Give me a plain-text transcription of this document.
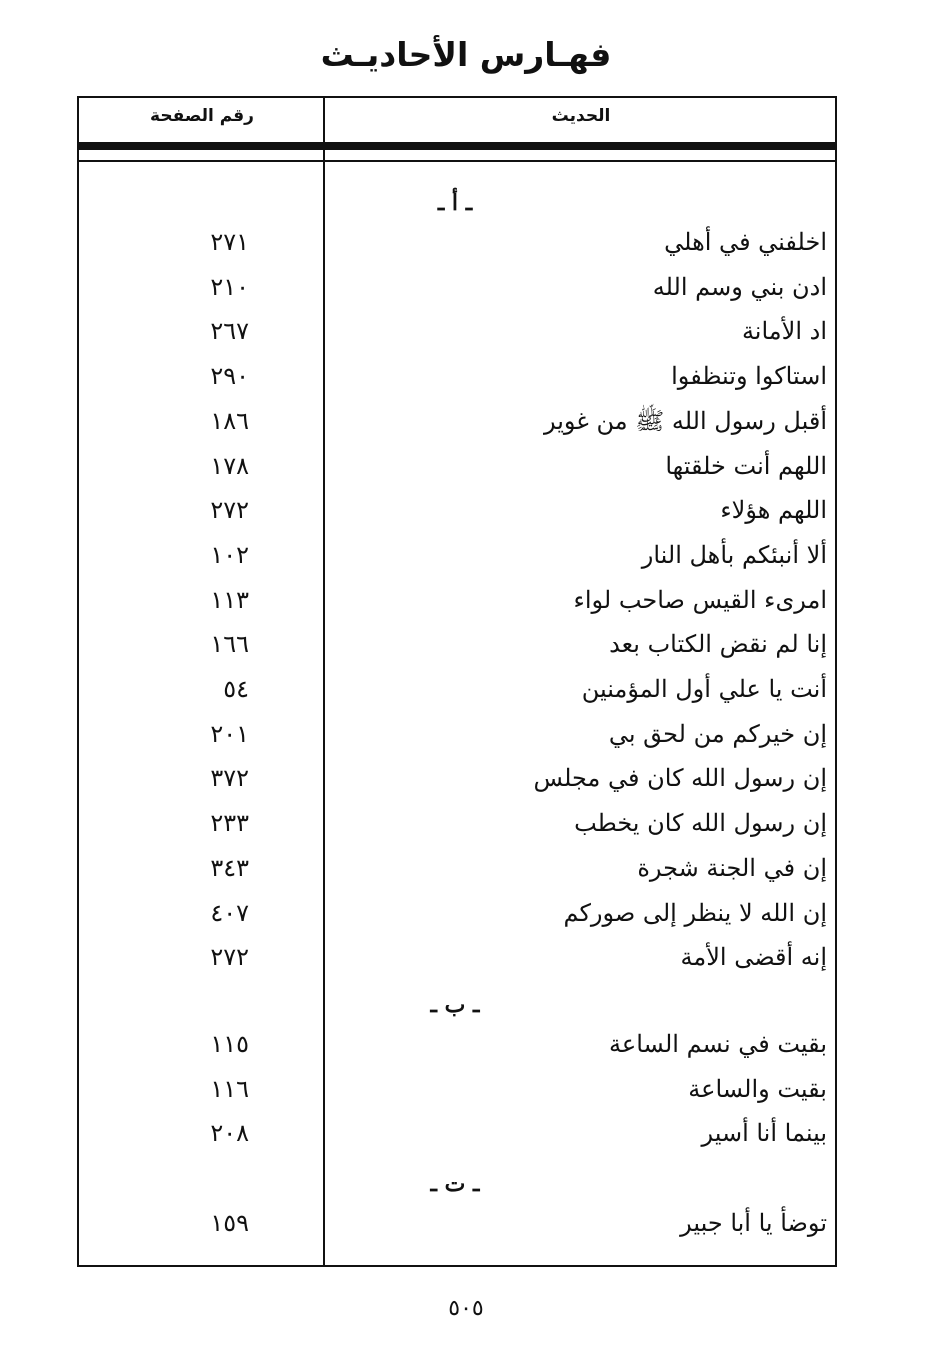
فهـارس الأحاديـث
الحديث
رقم الصفحة
ـ أ ـ
اخلفني في أهلي
٢٧١
ادن بني وسم الله
٢١٠
اد الأمانة
٢٦٧
استاكوا وتنظفوا
٢٩٠
أقبل رسول الله ﷺ من غوير
١٨٦
اللهم أنت خلقتها
١٧٨
اللهم هؤلاء
٢٧٢
ألا أنبئكم بأهل النار
١٠٢
امرىء القيس صاحب لواء
١١٣
إنا لم نقض الكتاب بعد
١٦٦
أنت يا علي أول المؤمنين
٥٤
إن خيركم من لحق بي
٢٠١
إن رسول الله كان في مجلس
٣٧٢
إن رسول الله كان يخطب
٢٣٣
إن في الجنة شجرة
٣٤٣
إن الله لا ينظر إلى صوركم
٤٠٧
إنه أقضى الأمة
٢٧٢
ـ ب ـ
بقيت في نسم الساعة
١١٥
بقيت والساعة
١١٦
بينما أنا أسير
٢٠٨
ـ ت ـ
توضأ يا أبا جبير
١٥٩
٥٠٥
